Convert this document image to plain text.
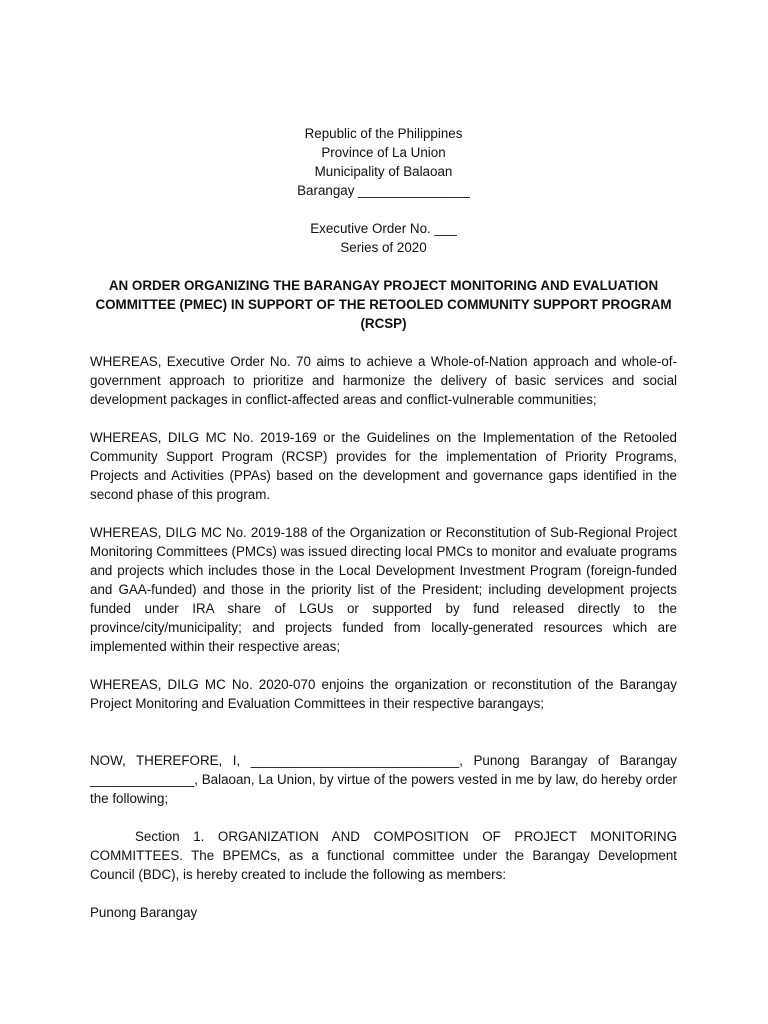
Republic of the Philippines
Province of La Union
Municipality of Balaoan
Barangay _______________
Executive Order No. ___
Series of 2020
AN ORDER ORGANIZING THE BARANGAY PROJECT MONITORING AND EVALUATION COMMITTEE (PMEC) IN SUPPORT OF THE RETOOLED COMMUNITY SUPPORT PROGRAM (RCSP)
WHEREAS, Executive Order No. 70 aims to achieve a Whole-of-Nation approach and whole-of-government approach to prioritize and harmonize the delivery of basic services and social development packages in conflict-affected areas and conflict-vulnerable communities;
WHEREAS, DILG MC No. 2019-169 or the Guidelines on the Implementation of the Retooled Community Support Program (RCSP) provides for the implementation of Priority Programs, Projects and Activities (PPAs) based on the development and governance gaps identified in the second phase of this program.
WHEREAS, DILG MC No. 2019-188 of the Organization or Reconstitution of Sub-Regional Project Monitoring Committees (PMCs) was issued directing local PMCs to monitor and evaluate programs and projects which includes those in the Local Development Investment Program (foreign-funded and GAA-funded) and those in the priority list of the President; including development projects funded under IRA share of LGUs or supported by fund released directly to the province/city/municipality; and projects funded from locally-generated resources which are implemented within their respective areas;
WHEREAS, DILG MC No. 2020-070 enjoins the organization or reconstitution of the Barangay Project Monitoring and Evaluation Committees in their respective barangays;
NOW, THEREFORE, I, ____________________________, Punong Barangay of Barangay ______________, Balaoan, La Union, by virtue of the powers vested in me by law, do hereby order the following;
Section 1. ORGANIZATION AND COMPOSITION OF PROJECT MONITORING COMMITTEES. The BPEMCs, as a functional committee under the Barangay Development Council (BDC), is hereby created to include the following as members:
Punong Barangay
